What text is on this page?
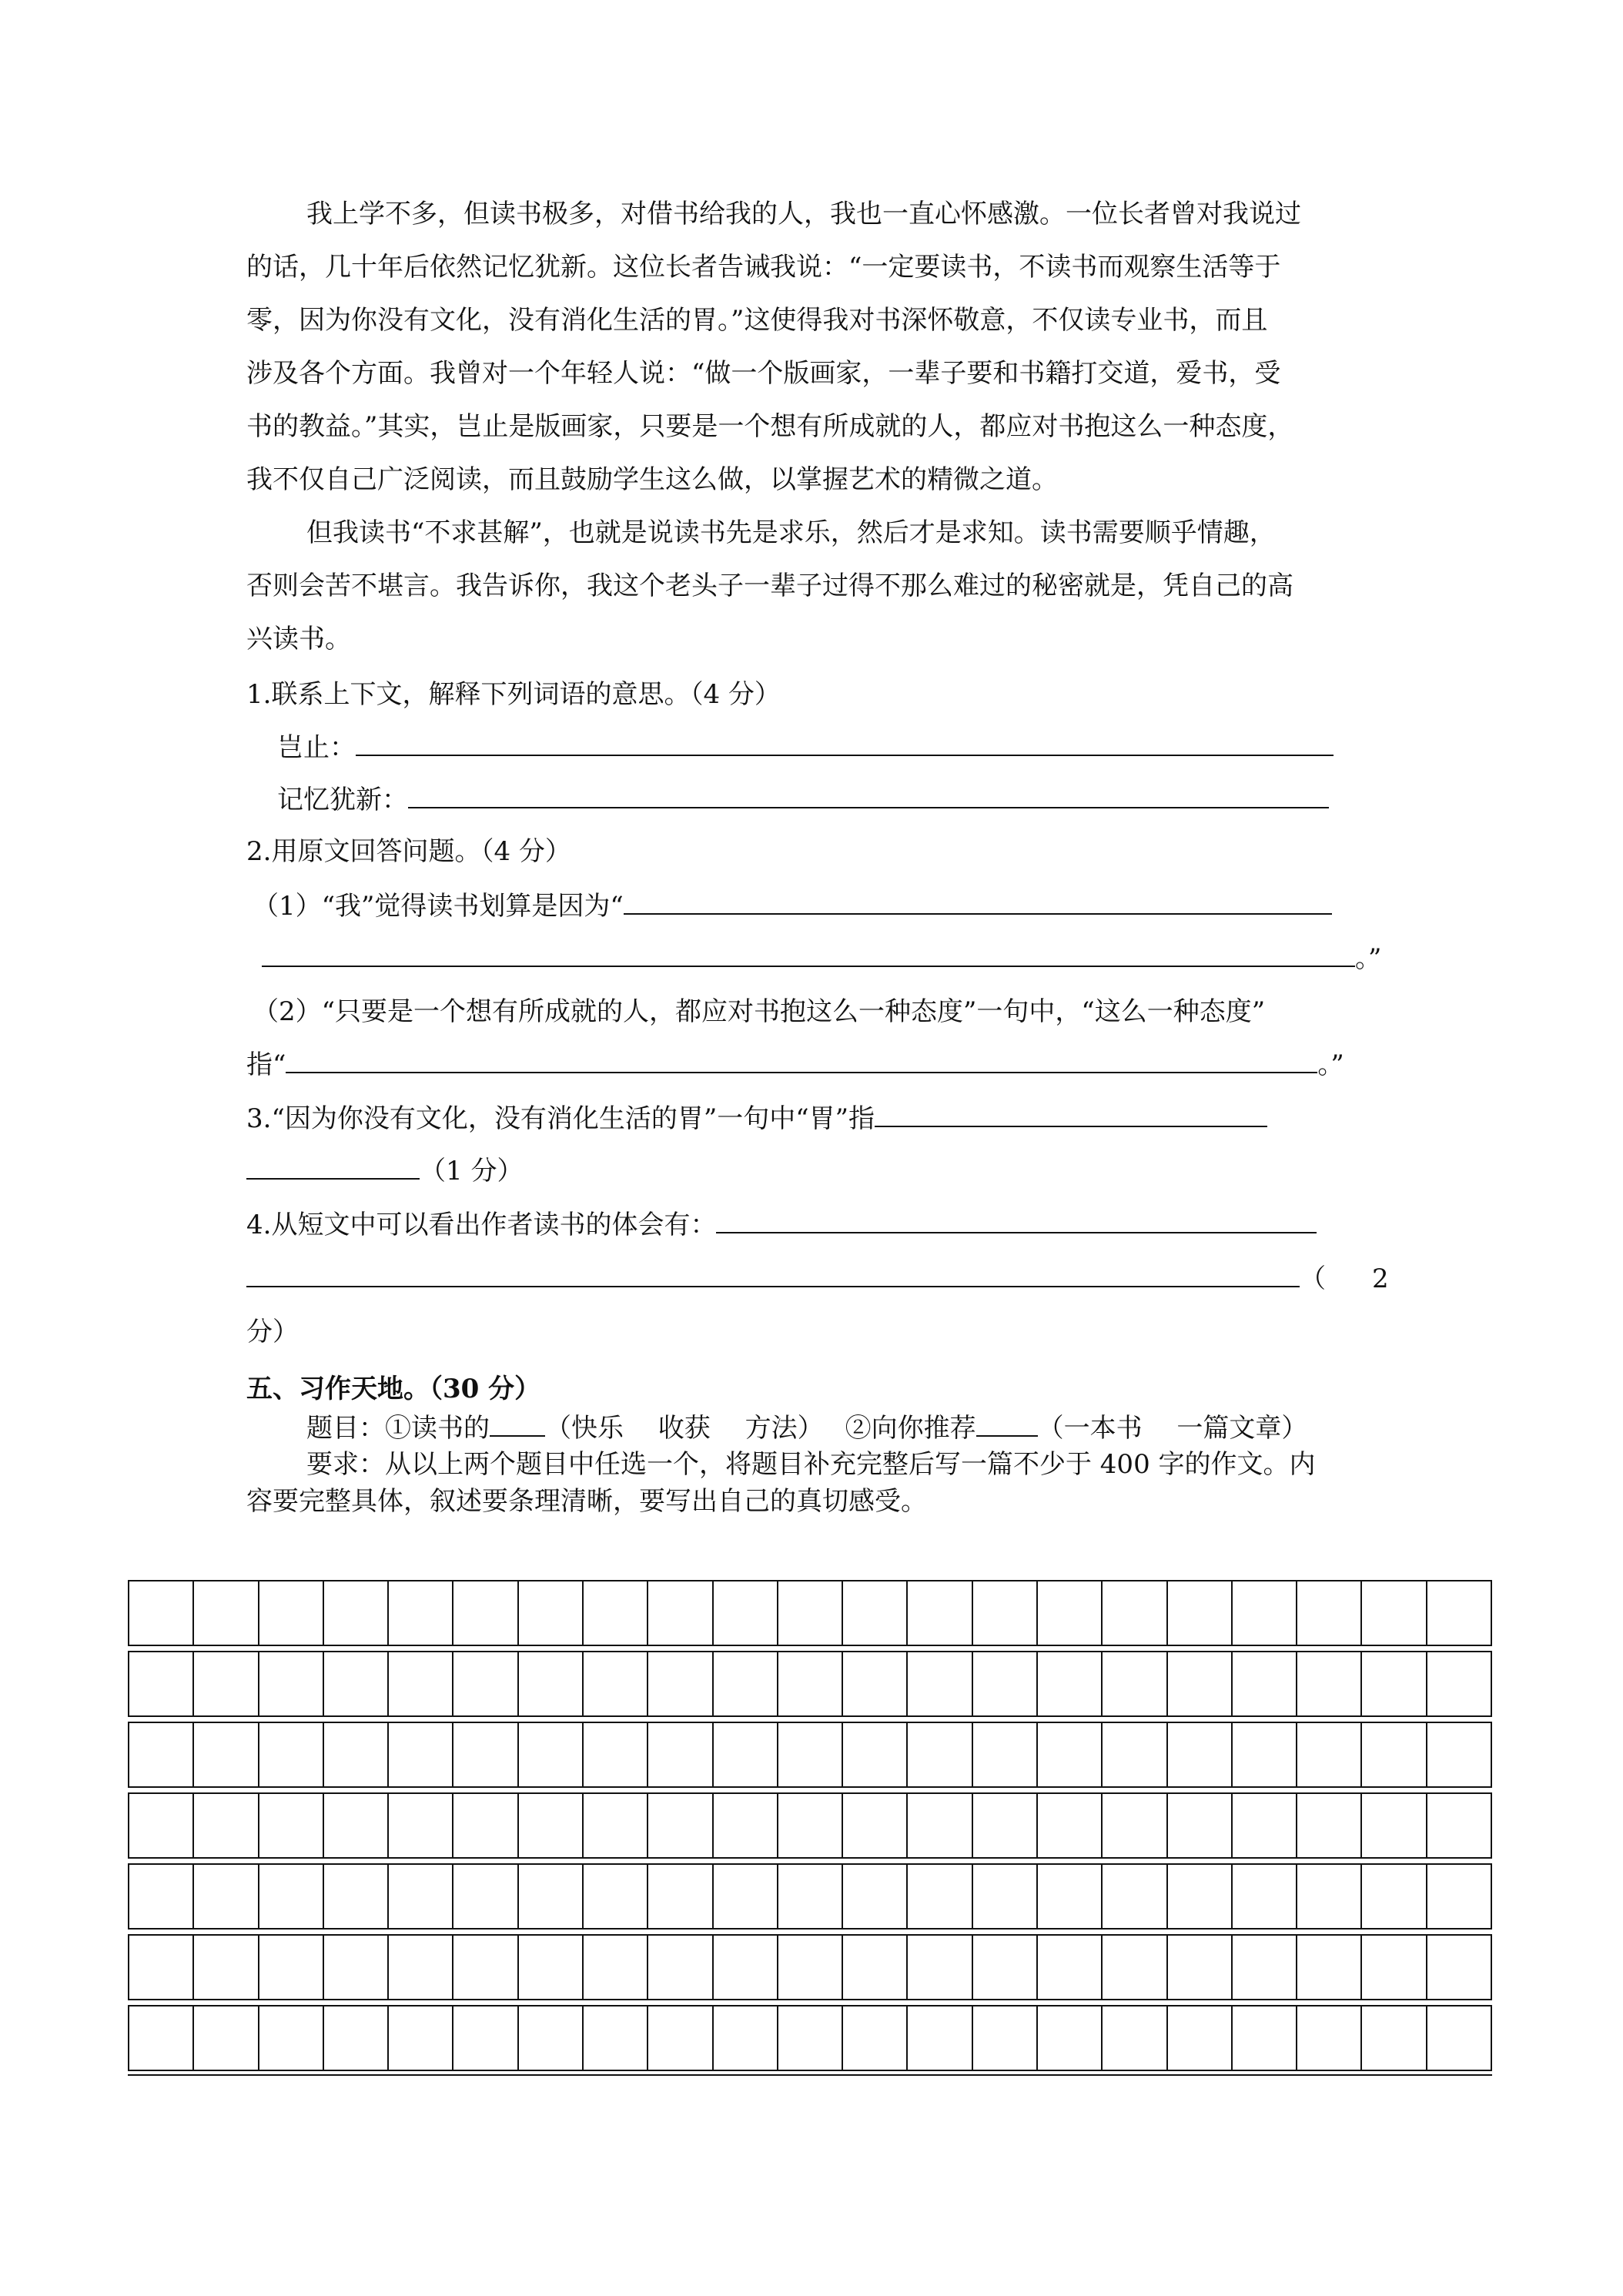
我上学不多，但读书极多，对借书给我的人，我也一直心怀感激。一位长者曾对我说过
的话，几十年后依然记忆犹新。这位长者告诫我说：“一定要读书，不读书而观察生活等于
零，因为你没有文化，没有消化生活的胃。”这使得我对书深怀敬意，不仅读专业书，而且
涉及各个方面。我曾对一个年轻人说：“做一个版画家，一辈子要和书籍打交道，爱书，受
书的教益。”其实，岂止是版画家，只要是一个想有所成就的人，都应对书抱这么一种态度，
我不仅自己广泛阅读，而且鼓励学生这么做，以掌握艺术的精微之道。
但我读书“不求甚解”，也就是说读书先是求乐，然后才是求知。读书需要顺乎情趣，
否则会苦不堪言。我告诉你，我这个老头子一辈子过得不那么难过的秘密就是，凭自己的高
兴读书。
1.联系上下文，解释下列词语的意思。（4 分）
岂止：
记忆犹新：
2.用原文回答问题。（4 分）
（1）“我”觉得读书划算是因为“
。”
（2）“只要是一个想有所成就的人，都应对书抱这么一种态度”一句中，“这么一种态度”
指“	。”
3.“因为你没有文化，没有消化生活的胃”一句中“胃”指
（1 分）
4.从短文中可以看出作者读书的体会有：
（ 2
分）
五、习作天地。（30 分）
题目：①读书的 （快乐　 收获　 方法） ②向你推荐 （一本书　 一篇文章）
要求：从以上两个题目中任选一个，将题目补充完整后写一篇不少于 400 字的作文。内
容要完整具体，叙述要条理清晰，要写出自己的真切感受。
